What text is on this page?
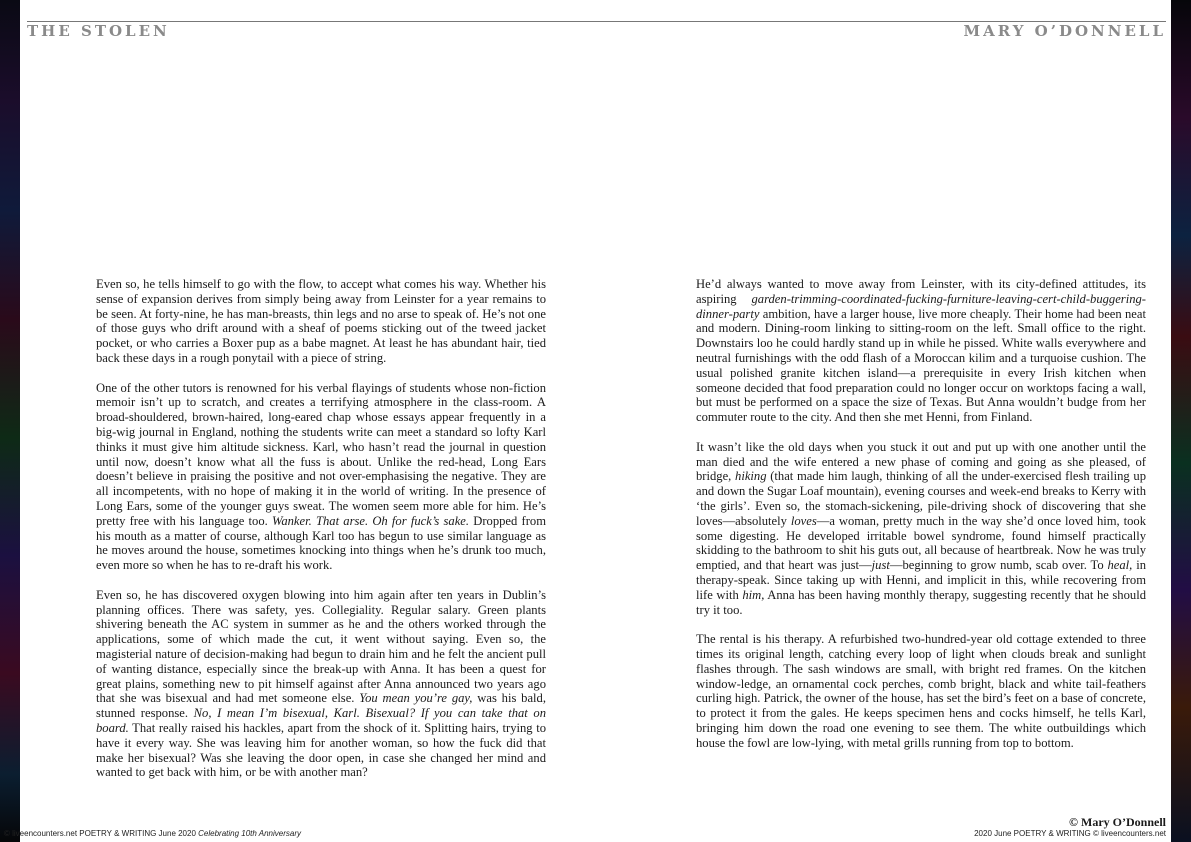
THE STOLEN	MARY O’DONNELL

Even so, he tells himself to go with the flow, to accept what comes his way. Whether his sense of expansion derives from simply being away from Leinster for a year remains to be seen. At forty-nine, he has man-breasts, thin legs and no arse to speak of. He’s not one of those guys who drift around with a sheaf of poems sticking out of the tweed jacket pocket, or who carries a Boxer pup as a babe magnet. At least he has abundant hair, tied back these days in a rough ponytail with a piece of string.

One of the other tutors is renowned for his verbal flayings of students whose non-fiction memoir isn’t up to scratch, and creates a terrifying atmosphere in the class-room. A broad-shouldered, brown-haired, long-eared chap whose essays appear frequently in a big-wig journal in England, nothing the students write can meet a standard so lofty Karl thinks it must give him altitude sickness. Karl, who hasn’t read the journal in question until now, doesn’t know what all the fuss is about. Unlike the red-head, Long Ears doesn’t believe in praising the positive and not over-emphasising the negative. They are all incompetents, with no hope of making it in the world of writing. In the presence of Long Ears, some of the younger guys sweat. The women seem more able for him. He’s pretty free with his language too. Wanker. That arse. Oh for fuck’s sake. Dropped from his mouth as a matter of course, although Karl too has begun to use similar language as he moves around the house, sometimes knocking into things when he’s drunk too much, even more so when he has to re-draft his work.

Even so, he has discovered oxygen blowing into him again after ten years in Dublin’s planning offices. There was safety, yes. Collegiality. Regular salary. Green plants shivering beneath the AC system in summer as he and the others worked through the applications, some of which made the cut, it went without saying. Even so, the magisterial nature of decision-making had begun to drain him and he felt the ancient pull of wanting distance, especially since the break-up with Anna. It has been a quest for great plains, something new to pit himself against after Anna announced two years ago that she was bisexual and had met someone else. You mean you’re gay, was his bald, stunned response. No, I mean I’m bisexual, Karl. Bisexual? If you can take that on board. That really raised his hackles, apart from the shock of it. Splitting hairs, trying to have it every way. She was leaving him for another woman, so how the fuck did that make her bisexual? Was she leaving the door open, in case she changed her mind and wanted to get back with him, or be with another man?

He’d always wanted to move away from Leinster, with its city-defined attitudes, its aspiring garden-trimming-coordinated-fucking-furniture-leaving-cert-child-buggering-dinner-party ambition, have a larger house, live more cheaply. Their home had been neat and modern. Dining-room linking to sitting-room on the left. Small office to the right. Downstairs loo he could hardly stand up in while he pissed. White walls everywhere and neutral furnishings with the odd flash of a Moroccan kilim and a turquoise cushion. The usual polished granite kitchen island—a prerequisite in every Irish kitchen when someone decided that food preparation could no longer occur on worktops facing a wall, but must be performed on a space the size of Texas. But Anna wouldn’t budge from her commuter route to the city. And then she met Henni, from Finland.

It wasn’t like the old days when you stuck it out and put up with one another until the man died and the wife entered a new phase of coming and going as she pleased, of bridge, hiking (that made him laugh, thinking of all the under-exercised flesh trailing up and down the Sugar Loaf mountain), evening courses and week-end breaks to Kerry with ‘the girls’. Even so, the stomach-sickening, pile-driving shock of discovering that she loves—absolutely loves—a woman, pretty much in the way she’d once loved him, took some digesting. He developed irritable bowel syndrome, found himself practically skidding to the bathroom to shit his guts out, all because of heartbreak. Now he was truly emptied, and that heart was just—just—beginning to grow numb, scab over. To heal, in therapy-speak. Since taking up with Henni, and implicit in this, while recovering from life with him, Anna has been having monthly therapy, suggesting recently that he should try it too.

The rental is his therapy. A refurbished two-hundred-year old cottage extended to three times its original length, catching every loop of light when clouds break and sunlight flashes through. The sash windows are small, with bright red frames. On the kitchen window-ledge, an ornamental cock perches, comb bright, black and white tail-feathers curling high. Patrick, the owner of the house, has set the bird’s feet on a base of concrete, to protect it from the gales. He keeps specimen hens and cocks himself, he tells Karl, bringing him down the road one evening to see them. The white outbuildings which house the fowl are low-lying, with metal grills running from top to bottom.

© Mary O’Donnell
© liveencounters.net POETRY & WRITING June 2020 Celebrating 10th Anniversary	2020 June POETRY & WRITING © liveencounters.net
